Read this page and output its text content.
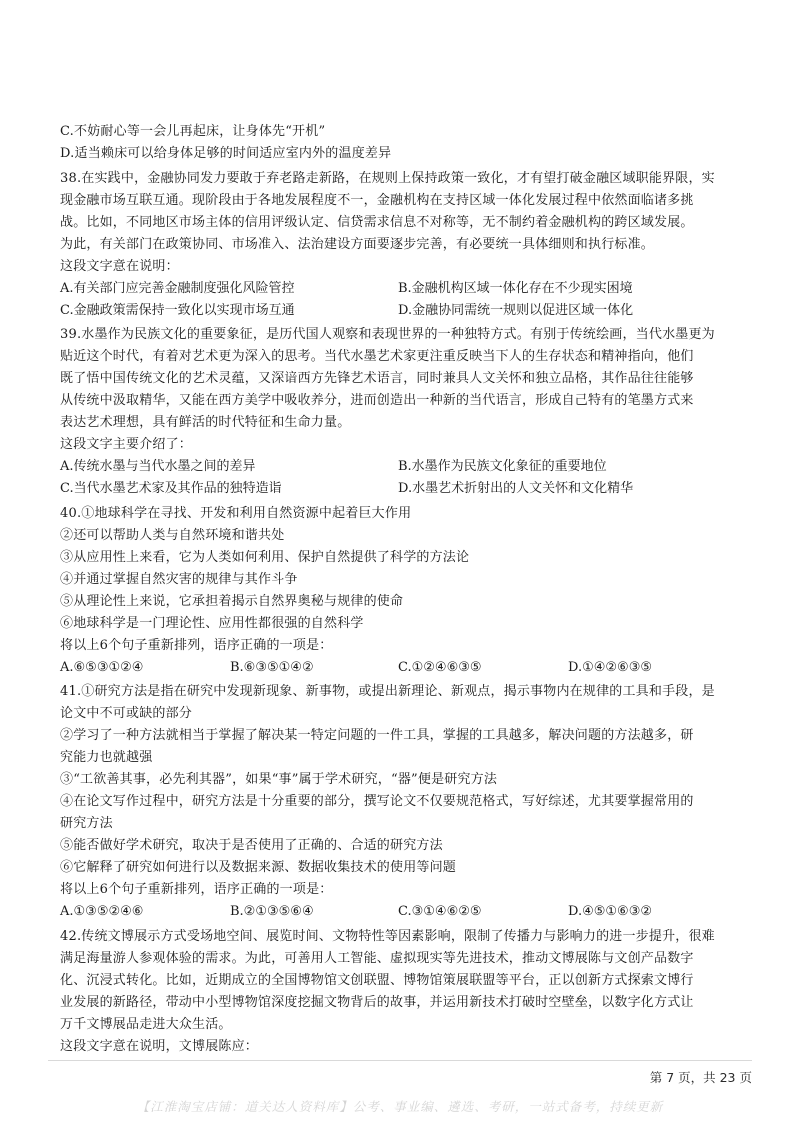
C.不妨耐心等一会儿再起床，让身体先“开机”
D.适当赖床可以给身体足够的时间适应室内外的温度差异
38.在实践中，金融协同发力要敢于弃老路走新路，在规则上保持政策一致化，才有望打破金融区域职能界限，实
现金融市场互联互通。现阶段由于各地发展程度不一，金融机构在支持区域一体化发展过程中依然面临诸多挑
战。比如，不同地区市场主体的信用评级认定、信贷需求信息不对称等，无不制约着金融机构的跨区域发展。
为此，有关部门在政策协同、市场准入、法治建设方面要逐步完善，有必要统一具体细则和执行标准。
这段文字意在说明：
A.有关部门应完善金融制度强化风险管控	B.金融机构区域一体化存在不少现实困境
C.金融政策需保持一致化以实现市场互通	D.金融协同需统一规则以促进区域一体化
39.水墨作为民族文化的重要象征，是历代国人观察和表现世界的一种独特方式。有别于传统绘画，当代水墨更为
贴近这个时代，有着对艺术更为深入的思考。当代水墨艺术家更注重反映当下人的生存状态和精神指向，他们
既了悟中国传统文化的艺术灵蕴，又深谙西方先锋艺术语言，同时兼具人文关怀和独立品格，其作品往往能够
从传统中汲取精华，又能在西方美学中吸收养分，进而创造出一种新的当代语言，形成自己特有的笔墨方式来
表达艺术理想，具有鲜活的时代特征和生命力量。
这段文字主要介绍了：
A.传统水墨与当代水墨之间的差异	B.水墨作为民族文化象征的重要地位
C.当代水墨艺术家及其作品的独特造诣	D.水墨艺术折射出的人文关怀和文化精华
40.①地球科学在寻找、开发和利用自然资源中起着巨大作用
②还可以帮助人类与自然环境和谐共处
③从应用性上来看，它为人类如何利用、保护自然提供了科学的方法论
④并通过掌握自然灾害的规律与其作斗争
⑤从理论性上来说，它承担着揭示自然界奥秘与规律的使命
⑥地球科学是一门理论性、应用性都很强的自然科学
将以上6个句子重新排列，语序正确的一项是：
A.⑥⑤③①②④	B.⑥③⑤①④②	C.①②④⑥③⑤	D.①④②⑥③⑤
41.①研究方法是指在研究中发现新现象、新事物，或提出新理论、新观点，揭示事物内在规律的工具和手段，是
论文中不可或缺的部分
②学习了一种方法就相当于掌握了解决某一特定问题的一件工具，掌握的工具越多，解决问题的方法越多，研
究能力也就越强
③“工欲善其事，必先利其器”，如果“事”属于学术研究，“器”便是研究方法
④在论文写作过程中，研究方法是十分重要的部分，撰写论文不仅要规范格式，写好综述，尤其要掌握常用的
研究方法
⑤能否做好学术研究，取决于是否使用了正确的、合适的研究方法
⑥它解释了研究如何进行以及数据来源、数据收集技术的使用等问题
将以上6个句子重新排列，语序正确的一项是：
A.①③⑤②④⑥	B.②①③⑤⑥④	C.③①④⑥②⑤	D.④⑤①⑥③②
42.传统文博展示方式受场地空间、展览时间、文物特性等因素影响，限制了传播力与影响力的进一步提升，很难
满足海量游人参观体验的需求。为此，可善用人工智能、虚拟现实等先进技术，推动文博展陈与文创产品数字
化、沉浸式转化。比如，近期成立的全国博物馆文创联盟、博物馆策展联盟等平台，正以创新方式探索文博行
业发展的新路径，带动中小型博物馆深度挖掘文物背后的故事，并运用新技术打破时空壁垒，以数字化方式让
万千文博展品走进大众生活。
这段文字意在说明，文博展陈应：
第 7 页，共 23 页
【江淮淘宝店铺：道关达人资料库】公考、事业编、遴选、考研，一站式备考，持续更新
